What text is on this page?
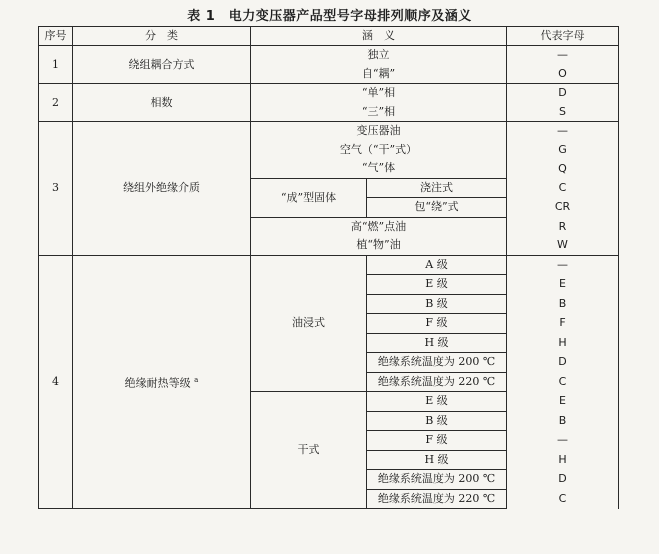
表 1　电力变压器产品型号字母排列顺序及涵义
序号	分　类	涵　义		代表字母
1	绕组耦合方式	独立		—
		自“耦”		O
2	相数	“单”相		D
		“三”相		S
3	绕组外绝缘介质	变压器油		—
		空气（“干”式）		G
		“气”体		Q
		“成”型固体	浇注式	C
			包“绕”式	CR
		高“燃”点油		R
		植“物”油		W
4	绝缘耐热等级 $^a$	油浸式	A 级	—
			E 级	E
			B 级	B
			F 级	F
			H 级	H
			绝缘系统温度为 200 ℃	D
			绝缘系统温度为 220 ℃	C
		干式	E 级	E
			B 级	B
			F 级	—
			H 级	H
			绝缘系统温度为 200 ℃	D
			绝缘系统温度为 220 ℃	C
